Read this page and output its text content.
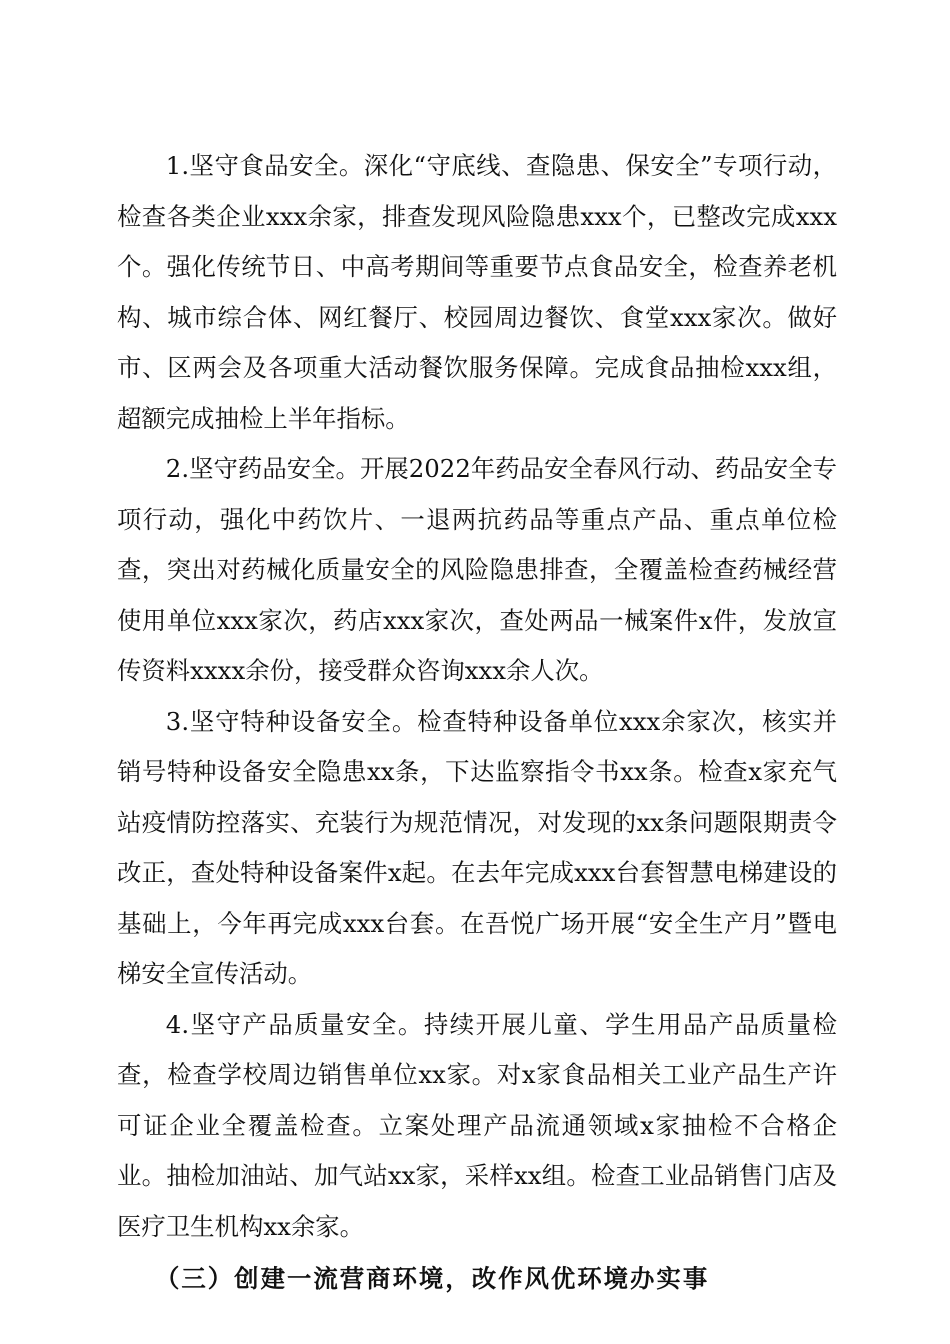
1.坚守食品安全。深化“守底线、查隐患、保安全”专项行动，检查各类企业xxx余家，排查发现风险隐患xxx个，已整改完成xxx个。强化传统节日、中高考期间等重要节点食品安全，检查养老机构、城市综合体、网红餐厅、校园周边餐饮、食堂xxx家次。做好市、区两会及各项重大活动餐饮服务保障。完成食品抽检xxx组，超额完成抽检上半年指标。

2.坚守药品安全。开展2022年药品安全春风行动、药品安全专项行动，强化中药饮片、一退两抗药品等重点产品、重点单位检查，突出对药械化质量安全的风险隐患排查，全覆盖检查药械经营使用单位xxx家次，药店xxx家次，查处两品一械案件x件，发放宣传资料xxxx余份，接受群众咨询xxx余人次。

3.坚守特种设备安全。检查特种设备单位xxx余家次，核实并销号特种设备安全隐患xx条，下达监察指令书xx条。检查x家充气站疫情防控落实、充装行为规范情况，对发现的xx条问题限期责令改正，查处特种设备案件x起。在去年完成xxx台套智慧电梯建设的基础上，今年再完成xxx台套。在吾悦广场开展“安全生产月”暨电梯安全宣传活动。

4.坚守产品质量安全。持续开展儿童、学生用品产品质量检查，检查学校周边销售单位xx家。对x家食品相关工业产品生产许可证企业全覆盖检查。立案处理产品流通领域x家抽检不合格企业。抽检加油站、加气站xx家，采样xx组。检查工业品销售门店及医疗卫生机构xx余家。

（三）创建一流营商环境，改作风优环境办实事
